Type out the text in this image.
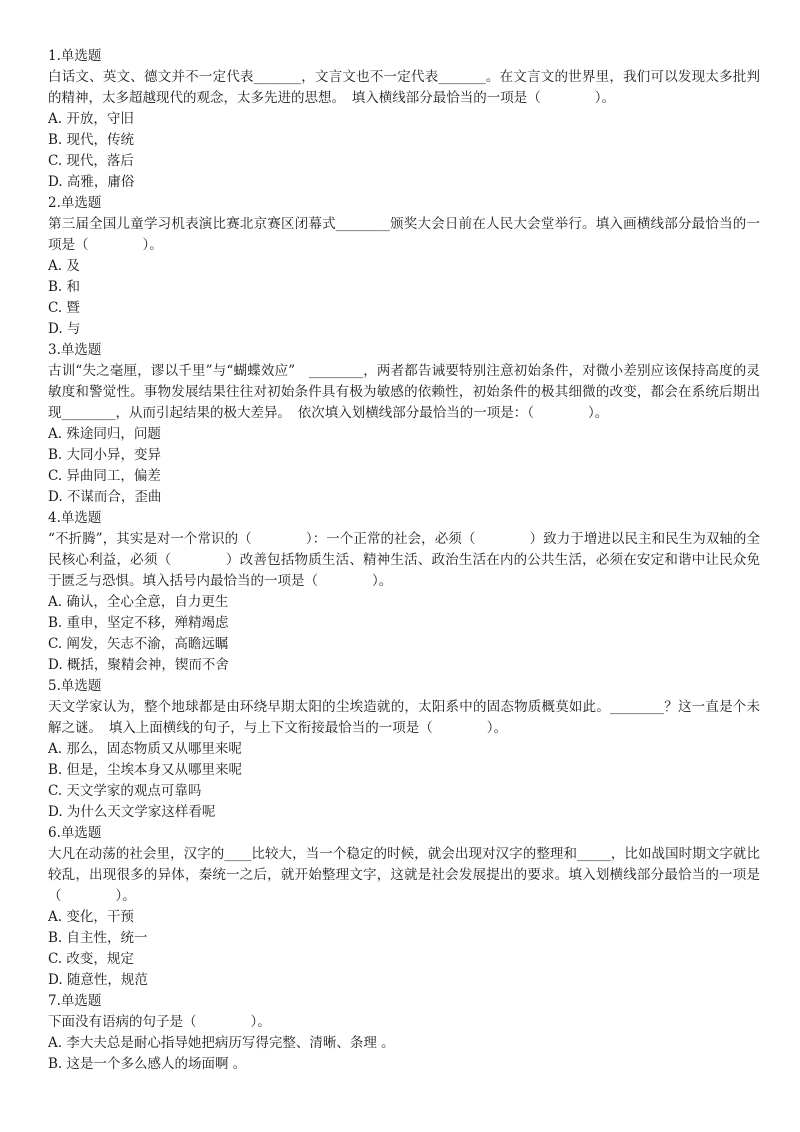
1.单选题
白话文、英文、德文并不一定代表_______，文言文也不一定代表_______。在文言文的世界里，我们可以发现太多批判的精神，太多超越现代的观念，太多先进的思想。　填入横线部分最恰当的一项是（　　　　）。
A. 开放，守旧
B. 现代，传统
C. 现代，落后
D. 高雅，庸俗
2.单选题
第三届全国儿童学习机表演比赛北京赛区闭幕式________颁奖大会日前在人民大会堂举行。填入画横线部分最恰当的一项是（　　　　）。
A. 及
B. 和
C. 暨
D. 与
3.单选题
古训“失之毫厘，谬以千里”与“蝴蝶效应”　________，两者都告诫要特别注意初始条件，对微小差别应该保持高度的灵敏度和警觉性。事物发展结果往往对初始条件具有极为敏感的依赖性，初始条件的极其细微的改变，都会在系统后期出现________，从而引起结果的极大差异。　依次填入划横线部分最恰当的一项是：（　　　　）。
A. 殊途同归，问题
B. 大同小异，变异
C. 异曲同工，偏差
D. 不谋而合，歪曲
4.单选题
“不折腾”，其实是对一个常识的（　　　　）：一个正常的社会，必须（　　　　）致力于增进以民主和民生为双轴的全民核心利益，必须（　　　　）改善包括物质生活、精神生活、政治生活在内的公共生活，必须在安定和谐中让民众免于匮乏与恐惧。填入括号内最恰当的一项是（　　　　）。
A. 确认，全心全意，自力更生
B. 重申，坚定不移，殚精竭虑
C. 阐发，矢志不渝，高瞻远瞩
D. 概括，聚精会神，锲而不舍
5.单选题
天文学家认为，整个地球都是由环绕早期太阳的尘埃造就的，太阳系中的固态物质概莫如此。________？这一直是个未解之谜。　填入上面横线的句子，与上下文衔接最恰当的一项是（　　　　）。
A. 那么，固态物质又从哪里来呢
B. 但是，尘埃本身又从哪里来呢
C. 天文学家的观点可靠吗
D. 为什么天文学家这样看呢
6.单选题
大凡在动荡的社会里，汉字的____比较大，当一个稳定的时候，就会出现对汉字的整理和_____，比如战国时期文字就比较乱，出现很多的异体，秦统一之后，就开始整理文字，这就是社会发展提出的要求。填入划横线部分最恰当的一项是（　　　　）。
A. 变化，干预
B. 自主性，统一
C. 改变，规定
D. 随意性，规范
7.单选题
下面没有语病的句子是（　　　　）。
A. 李大夫总是耐心指导她把病历写得完整、清晰、条理 。
B. 这是一个多么感人的场面啊 。
